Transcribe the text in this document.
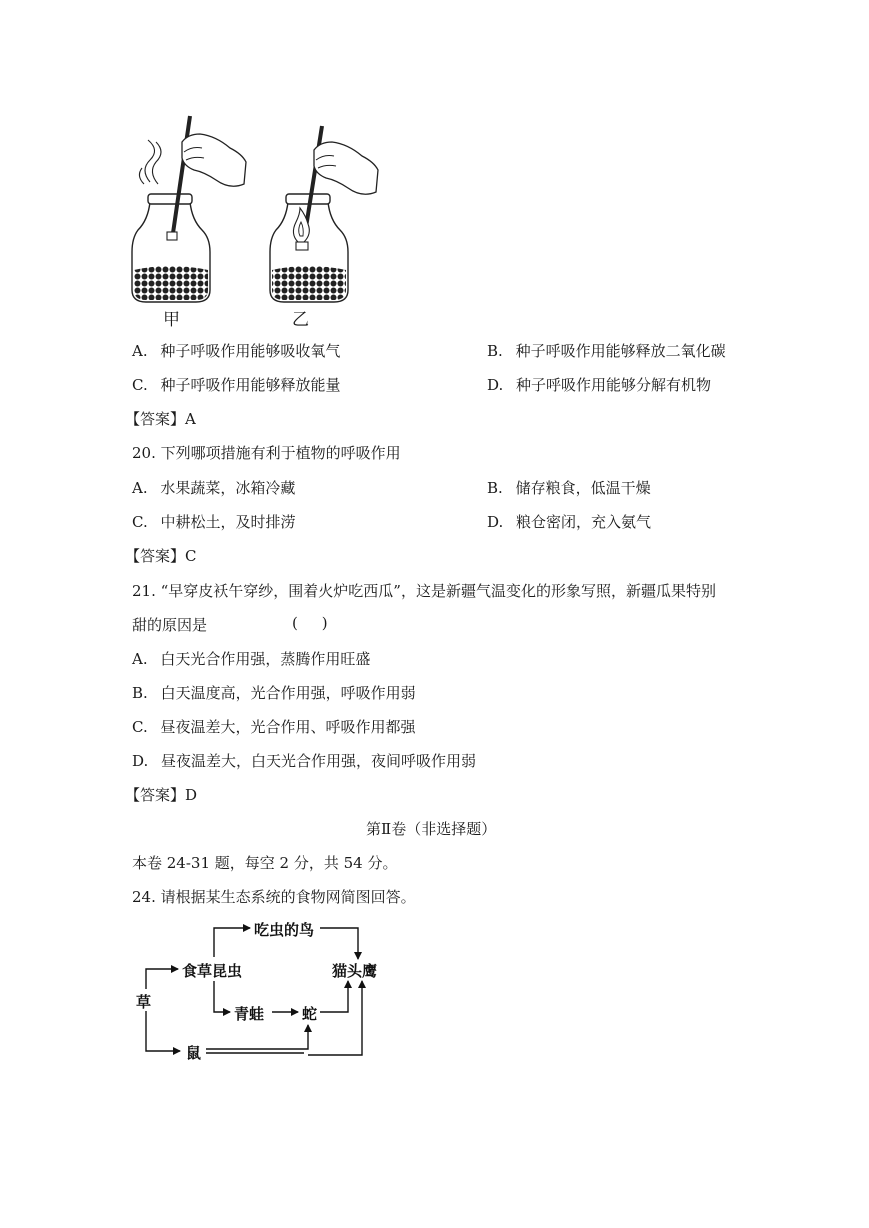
甲	乙
A. 种子呼吸作用能够吸收氧气	B. 种子呼吸作用能够释放二氧化碳
C. 种子呼吸作用能够释放能量	D. 种子呼吸作用能够分解有机物
【答案】A
20. 下列哪项措施有利于植物的呼吸作用
A. 水果蔬菜，冰箱冷藏	B. 储存粮食，低温干燥
C. 中耕松土，及时排涝	D. 粮仓密闭，充入氨气
【答案】C
21. “早穿皮袄午穿纱，围着火炉吃西瓜”，这是新疆气温变化的形象写照，新疆瓜果特别
甜的原因是	(     )
A. 白天光合作用强，蒸腾作用旺盛
B. 白天温度高，光合作用强，呼吸作用弱
C. 昼夜温差大，光合作用、呼吸作用都强
D. 昼夜温差大，白天光合作用强，夜间呼吸作用弱
【答案】D
第Ⅱ卷（非选择题）
本卷 24-31 题，每空 2 分，共 54 分。
24. 请根据某生态系统的食物网简图回答。
草
食草昆虫
吃虫的鸟
猫头鹰
青蛙	蛇
鼠
